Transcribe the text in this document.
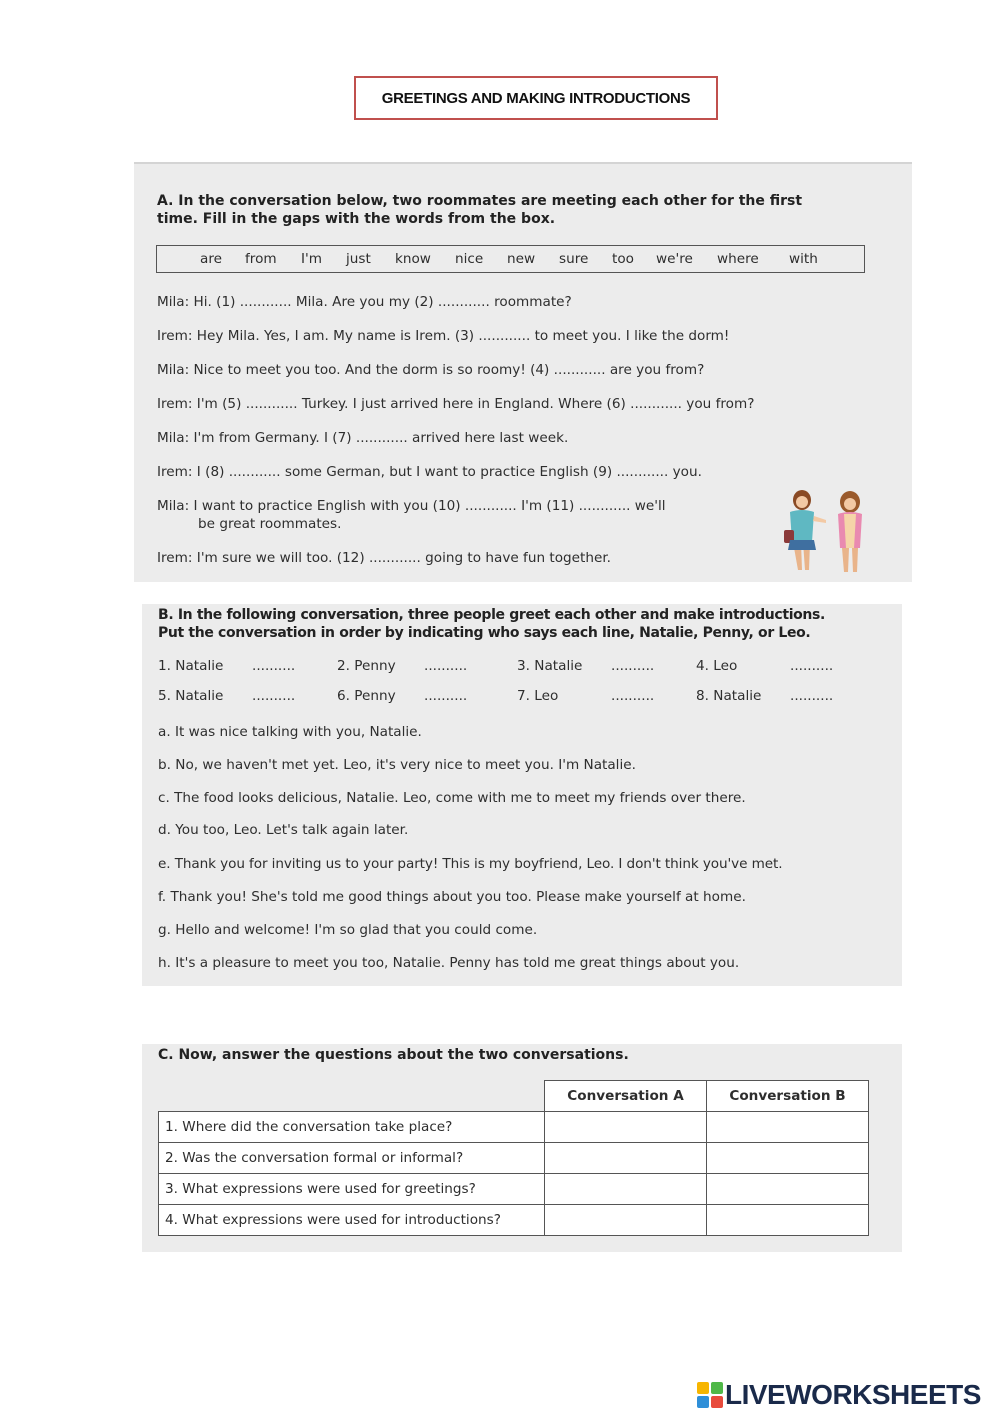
GREETINGS AND MAKING INTRODUCTIONS
A. In the conversation below, two roommates are meeting each other for the first
time. Fill in the gaps with the words from the box.
are from I'm just know nice new sure too we're where with
Mila: Hi. (1) ............ Mila. Are you my (2) ............ roommate?
Irem: Hey Mila. Yes, I am. My name is Irem. (3) ............ to meet you. I like the dorm!
Mila: Nice to meet you too. And the dorm is so roomy! (4) ............ are you from?
Irem: I'm (5) ............ Turkey. I just arrived here in England. Where (6) ............ you from?
Mila: I'm from Germany. I (7) ............ arrived here last week.
Irem: I (8) ............ some German, but I want to practice English (9) ............ you.
Mila: I want to practice English with you (10) ............ I'm (11) ............ we'll
be great roommates.
Irem: I'm sure we will too. (12) ............ going to have fun together.
B. In the following conversation, three people greet each other and make introductions.
Put the conversation in order by indicating who says each line, Natalie, Penny, or Leo.
1. Natalie ..........	2. Penny ..........	3. Natalie ..........	4. Leo	..........
5. Natalie ..........	6. Penny ..........	7. Leo	..........	8. Natalie ..........
a. It was nice talking with you, Natalie.
b. No, we haven't met yet. Leo, it's very nice to meet you. I'm Natalie.
c. The food looks delicious, Natalie. Leo, come with me to meet my friends over there.
d. You too, Leo. Let's talk again later.
e. Thank you for inviting us to your party! This is my boyfriend, Leo. I don't think you've met.
f. Thank you! She's told me good things about you too. Please make yourself at home.
g. Hello and welcome! I'm so glad that you could come.
h. It's a pleasure to meet you too, Natalie. Penny has told me great things about you.
C. Now, answer the questions about the two conversations.
	Conversation A	Conversation B
1. Where did the conversation take place?		
2. Was the conversation formal or informal?		
3. What expressions were used for greetings?		
4. What expressions were used for introductions?		
LIVEWORKSHEETS
